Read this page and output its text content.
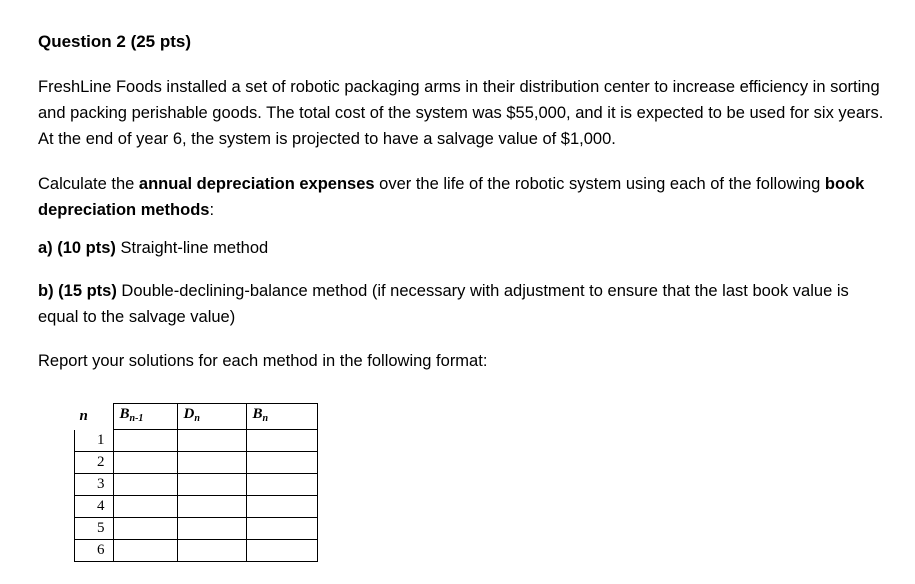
Question 2 (25 pts)

FreshLine Foods installed a set of robotic packaging arms in their distribution center to increase efficiency in sorting and packing perishable goods. The total cost of the system was $55,000, and it is expected to be used for six years. At the end of year 6, the system is projected to have a salvage value of $1,000.

Calculate the annual depreciation expenses over the life of the robotic system using each of the following book depreciation methods:

a) (10 pts) Straight-line method

b) (15 pts) Double-declining-balance method (if necessary with adjustment to ensure that the last book value is equal to the salvage value)

Report your solutions for each method in the following format:

n	$B_{n-1}$	$D_n$	$B_n$
1			
2			
3			
4			
5			
6			
